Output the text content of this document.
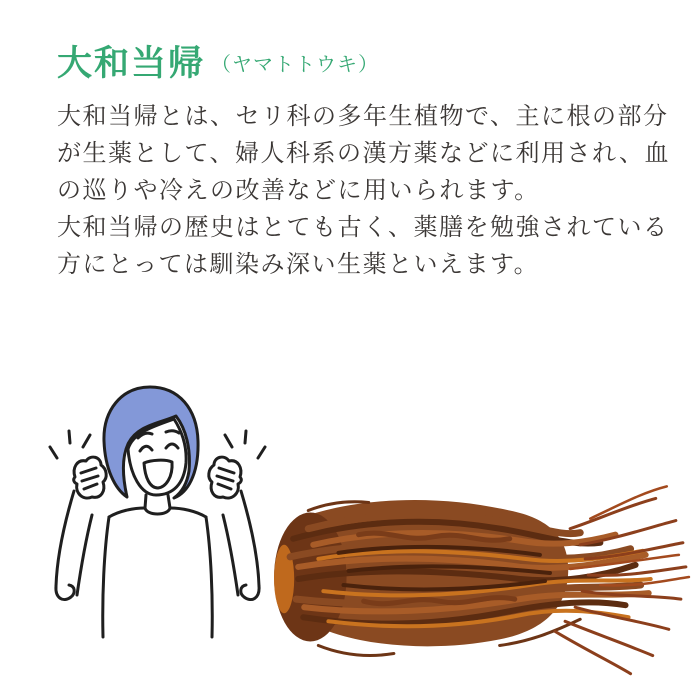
大和当帰 （ヤマトトウキ）

大和当帰とは、セリ科の多年生植物で、主に根の部分
が生薬として、婦人科系の漢方薬などに利用され、血
の巡りや冷えの改善などに用いられます。

大和当帰の歴史はとても古く、薬膳を勉強されている
方にとっては馴染み深い生薬といえます。
